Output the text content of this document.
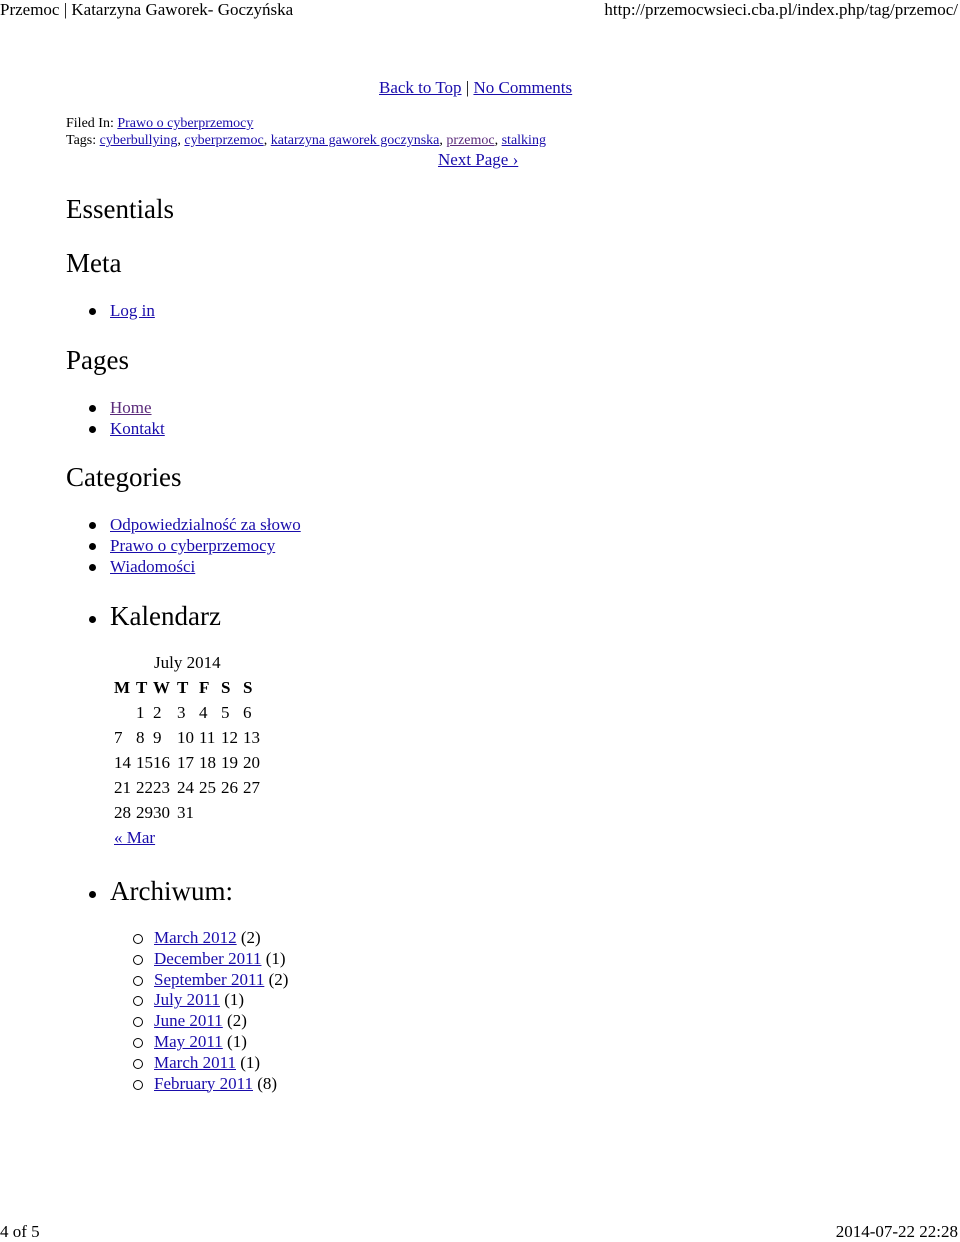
Przemoc | Katarzyna Gaworek- Goczyńska	http://przemocwsieci.cba.pl/index.php/tag/przemoc/
Back to Top | No Comments
Filed In: Prawo o cyberprzemocy
Tags: cyberbullying, cyberprzemoc, katarzyna gaworek goczynska, przemoc, stalking
Next Page ›
Essentials
Meta
Log in
Pages
Home
Kontakt
Categories
Odpowiedzialność za słowo
Prawo o cyberprzemocy
Wiadomości
Kalendarz
July 2014
M	T	W	T	F	S	S
	1	2	3	4	5	6
7	8	9	10	11	12	13
14	15	16	17	18	19	20
21	22	23	24	25	26	27
28	29	30	31			
« Mar
Archiwum:
March 2012 (2)
December 2011 (1)
September 2011 (2)
July 2011 (1)
June 2011 (2)
May 2011 (1)
March 2011 (1)
February 2011 (8)
4 of 5	2014-07-22 22:28
